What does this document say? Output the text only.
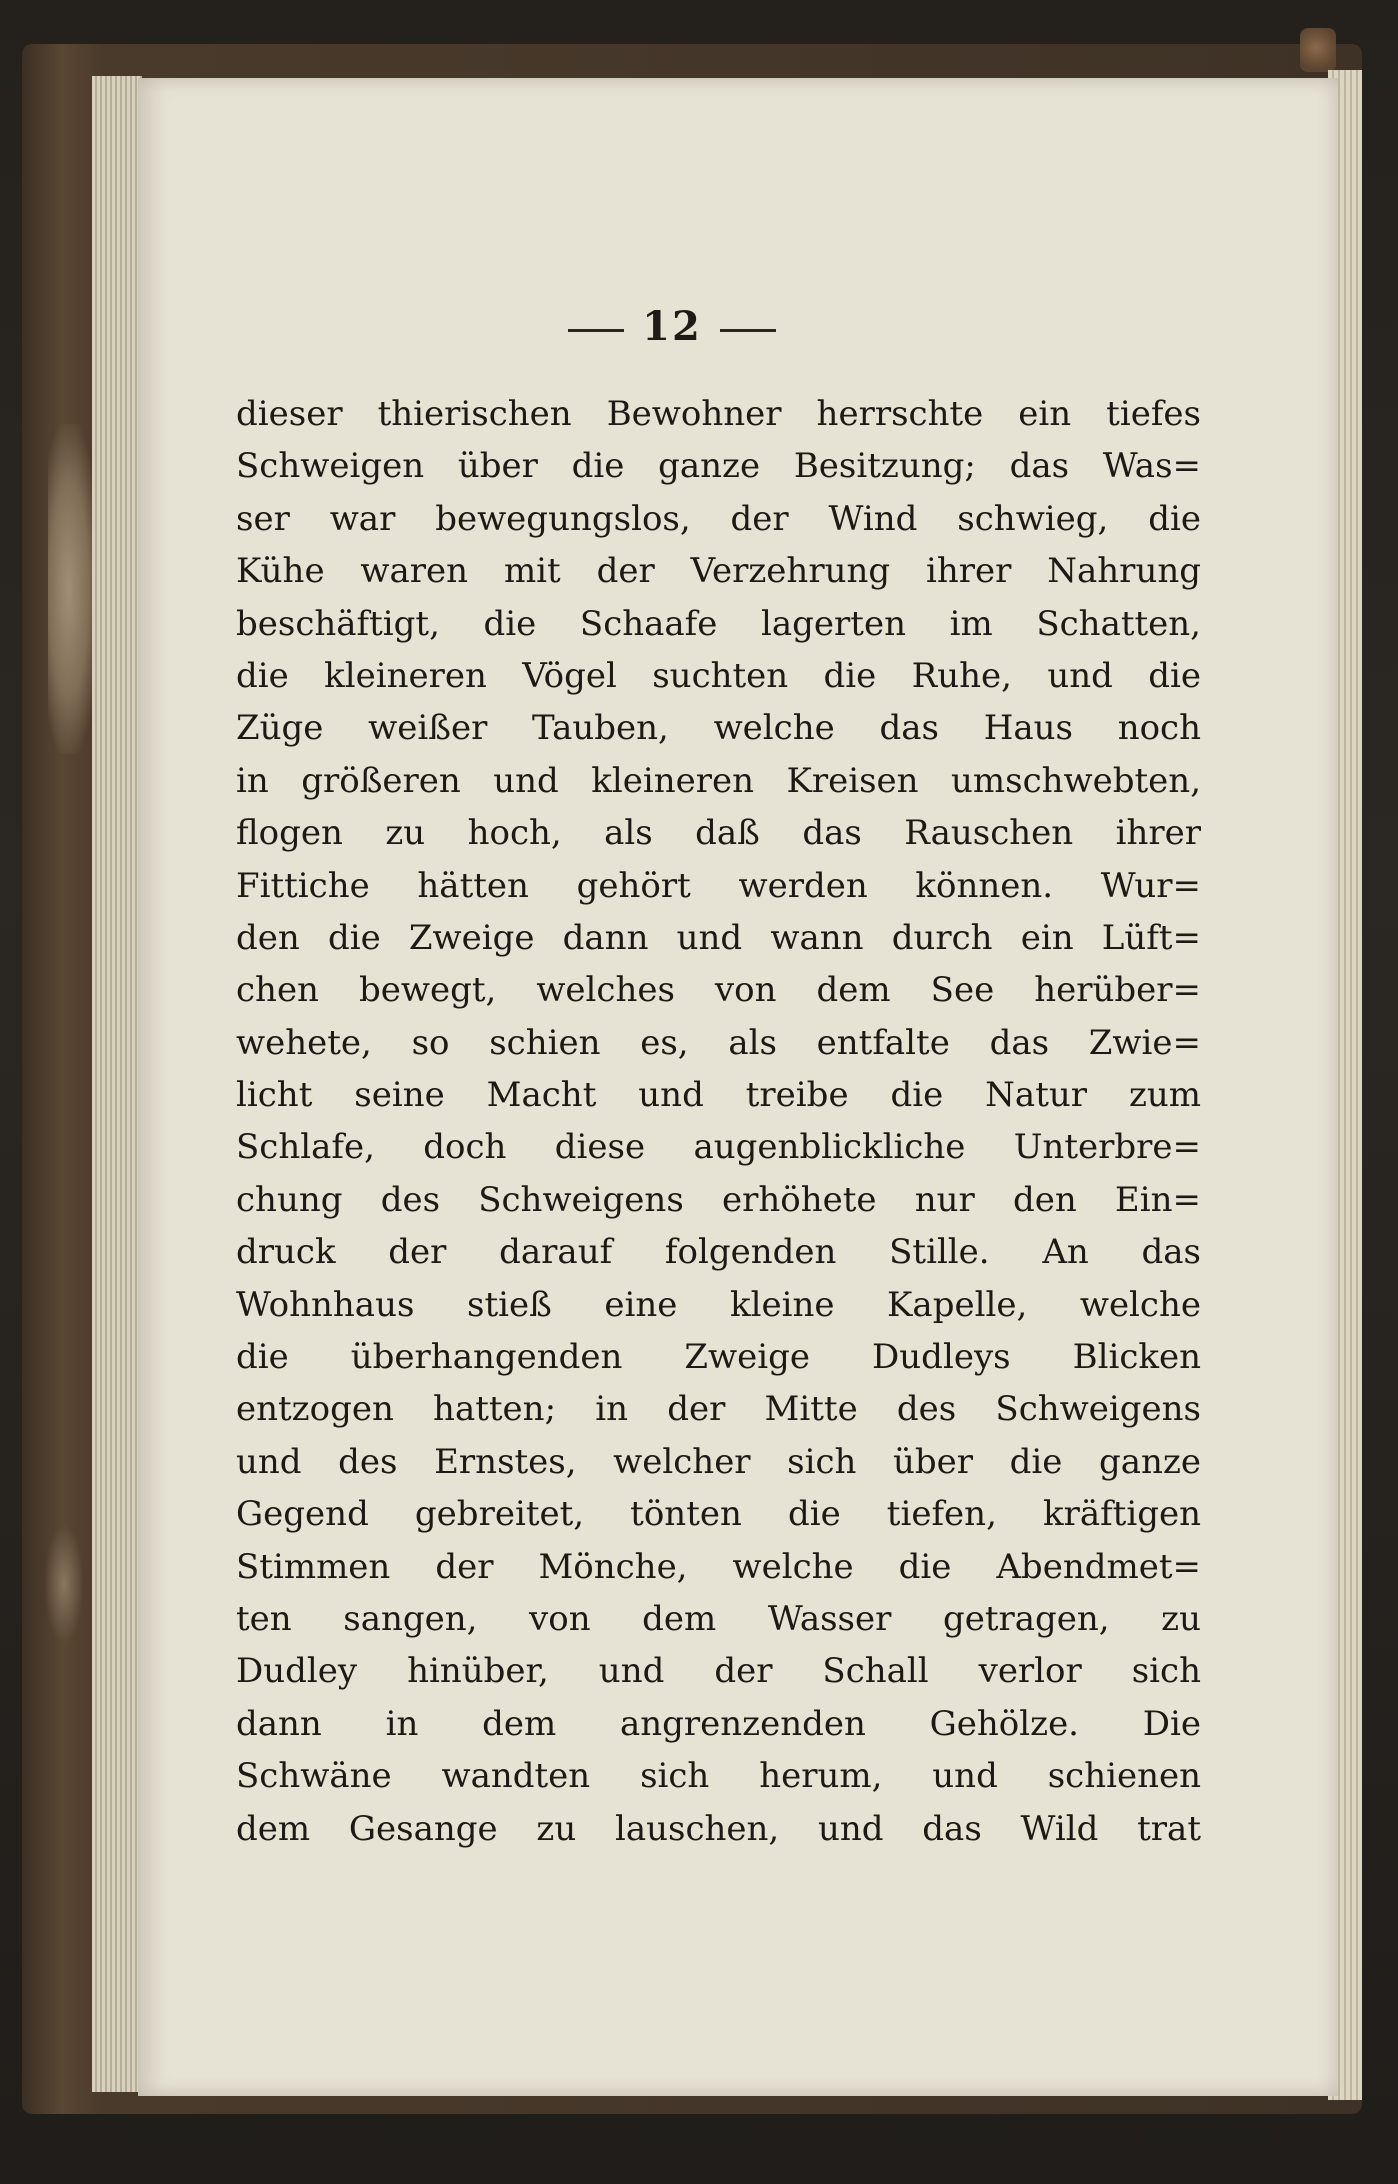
12
dieser thierischen Bewohner herrschte ein tiefes
Schweigen über die ganze Besitzung; das Was=
ser war bewegungslos, der Wind schwieg, die
Kühe waren mit der Verzehrung ihrer Nahrung
beschäftigt, die Schaafe lagerten im Schatten,
die kleineren Vögel suchten die Ruhe, und die
Züge weißer Tauben, welche das Haus noch
in größeren und kleineren Kreisen umschwebten,
flogen zu hoch, als daß das Rauschen ihrer
Fittiche hätten gehört werden können. Wur=
den die Zweige dann und wann durch ein Lüft=
chen bewegt, welches von dem See herüber=
wehete, so schien es, als entfalte das Zwie=
licht seine Macht und treibe die Natur zum
Schlafe, doch diese augenblickliche Unterbre=
chung des Schweigens erhöhete nur den Ein=
druck der darauf folgenden Stille. An das
Wohnhaus stieß eine kleine Kapelle, welche
die überhangenden Zweige Dudleys Blicken
entzogen hatten; in der Mitte des Schweigens
und des Ernstes, welcher sich über die ganze
Gegend gebreitet, tönten die tiefen, kräftigen
Stimmen der Mönche, welche die Abendmet=
ten sangen, von dem Wasser getragen, zu
Dudley hinüber, und der Schall verlor sich
dann in dem angrenzenden Gehölze. Die
Schwäne wandten sich herum, und schienen
dem Gesange zu lauschen, und das Wild trat
